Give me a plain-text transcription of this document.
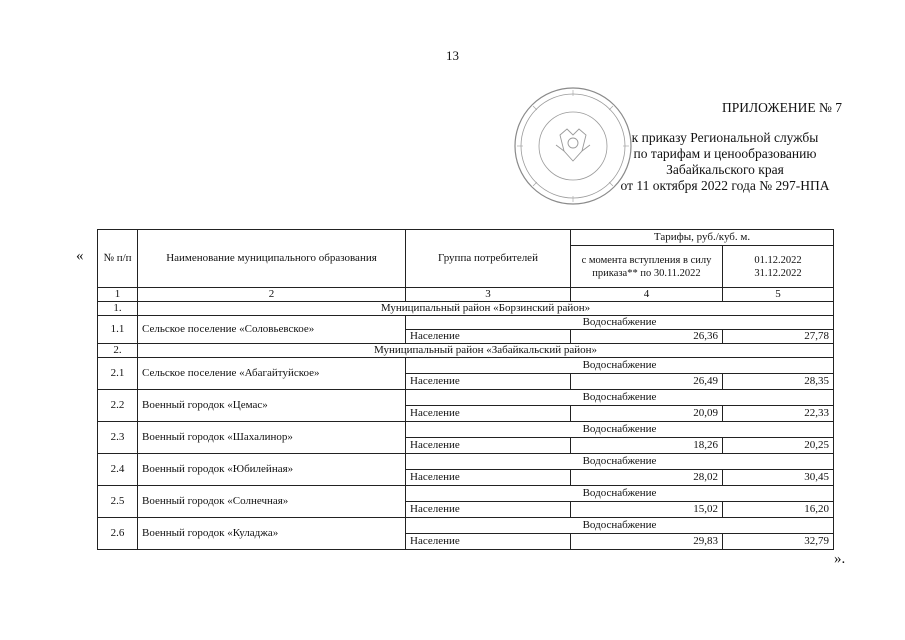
13
ПРИЛОЖЕНИЕ № 7
к приказу Региональной службы
по тарифам и ценообразованию
Забайкальского края
от 11 октября 2022 года № 297-НПА
«
».
№ п/п	Наименование муниципального образования	Группа потребителей	Тарифы, руб./куб. м.	
			с момента вступления в силу приказа** по 30.11.2022	01.12.2022
31.12.2022

1	2	3	4	5
1.	Муниципальный район «Борзинский район»			
1.1	Сельское поселение «Соловьевское»	Водоснабжение		
		Население	26,36	27,78
2.	Муниципальный район «Забайкальский район»			
2.1	Сельское поселение «Абагайтуйское»	Водоснабжение		
		Население	26,49	28,35
2.2	Военный городок «Цемас»	Водоснабжение		
		Население	20,09	22,33
2.3	Военный городок «Шахалинор»	Водоснабжение		
		Население	18,26	20,25
2.4	Военный городок «Юбилейная»	Водоснабжение		
		Население	28,02	30,45
2.5	Военный городок «Солнечная»	Водоснабжение		
		Население	15,02	16,20
2.6	Военный городок «Куладжа»	Водоснабжение		
		Население	29,83	32,79
